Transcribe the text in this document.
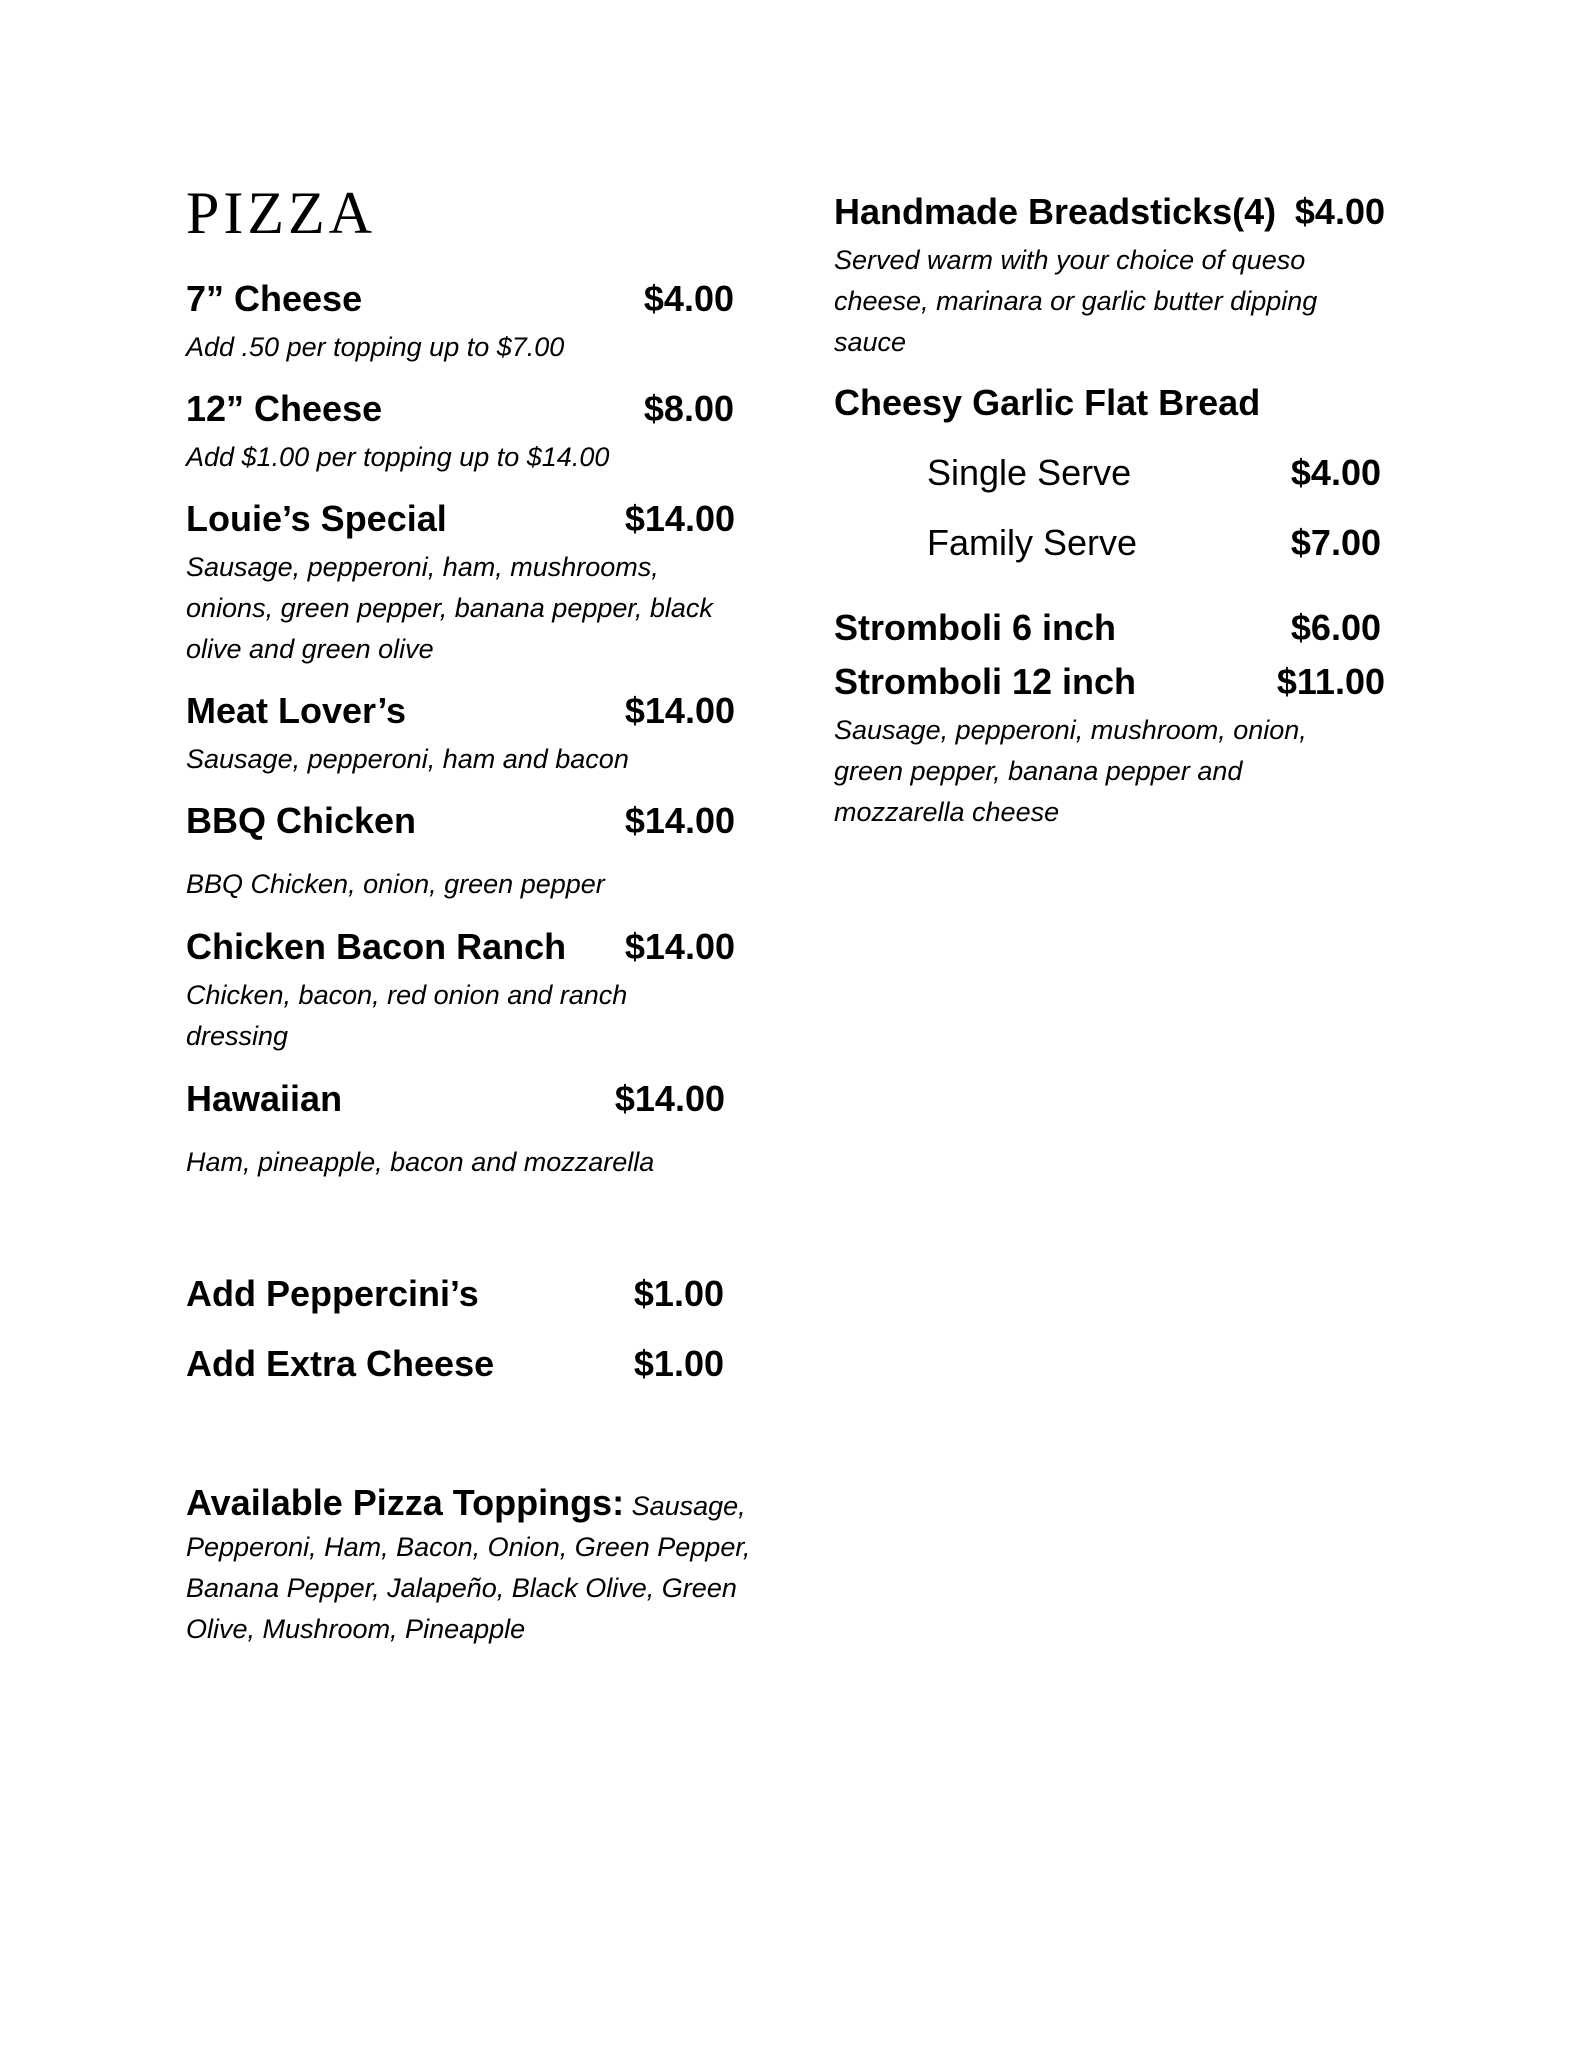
PIZZA
7” Cheese	$4.00

Add .50 per topping up to $7.00

12” Cheese	$8.00

Add $1.00 per topping up to $14.00

Louie’s Special	$14.00

Sausage, pepperoni, ham, mushrooms, onions, green pepper, banana pepper, black olive and green olive

Meat Lover’s	$14.00

Sausage, pepperoni, ham and bacon

BBQ Chicken	$14.00

BBQ Chicken, onion, green pepper

Chicken Bacon Ranch	$14.00

Chicken, bacon, red onion and ranch dressing

Hawaiian	$14.00

Ham, pineapple, bacon and mozzarella

Add Peppercini’s	$1.00
Add Extra Cheese	$1.00

Available Pizza Toppings: Sausage, Pepperoni, Ham, Bacon, Onion, Green Pepper, Banana Pepper, Jalapeño, Black Olive, Green Olive, Mushroom, Pineapple

Handmade Breadsticks(4) $4.00

Served warm with your choice of queso cheese, marinara or garlic butter dipping sauce

Cheesy Garlic Flat Bread
Single Serve	$4.00
Family Serve	$7.00
Stromboli 6 inch	$6.00
Stromboli 12 inch	$11.00

Sausage, pepperoni, mushroom, onion, green pepper, banana pepper and mozzarella cheese
